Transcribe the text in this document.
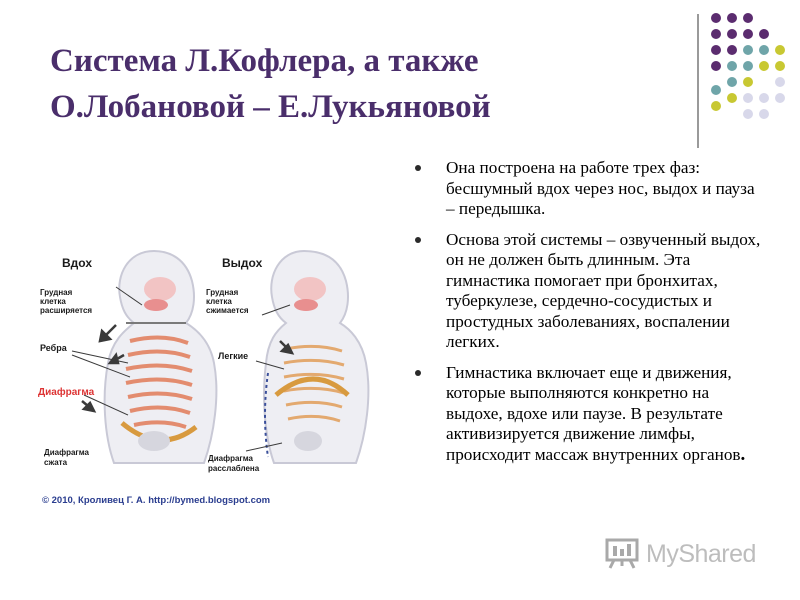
Система Л.Кофлера, а также
О.Лобановой – Е.Лукьяновой
Она построена на работе трех фаз: бесшумный вдох через нос, выдох и пауза – передышка.
Основа этой системы – озвученный выдох, он не должен быть длинным. Эта гимнастика помогает при бронхитах, туберкулезе, сердечно-сосудистых и простудных заболеваниях, воспалении легких.
Гимнастика включает еще и движения, которые выполняются конкретно на выдохе, вдохе или паузе. В результате активизируется движение лимфы, происходит массаж внутренних органов.
Вдох	Выдох
Грудная
клетка
расширяется
Грудная
клетка
сжимается
Ребра
Диафрагма
Легкие
Диафрагма
сжата	Диафрагма
расслаблена
© 2010, Кроливец Г. А. http://bymed.blogspot.com
MyShared
